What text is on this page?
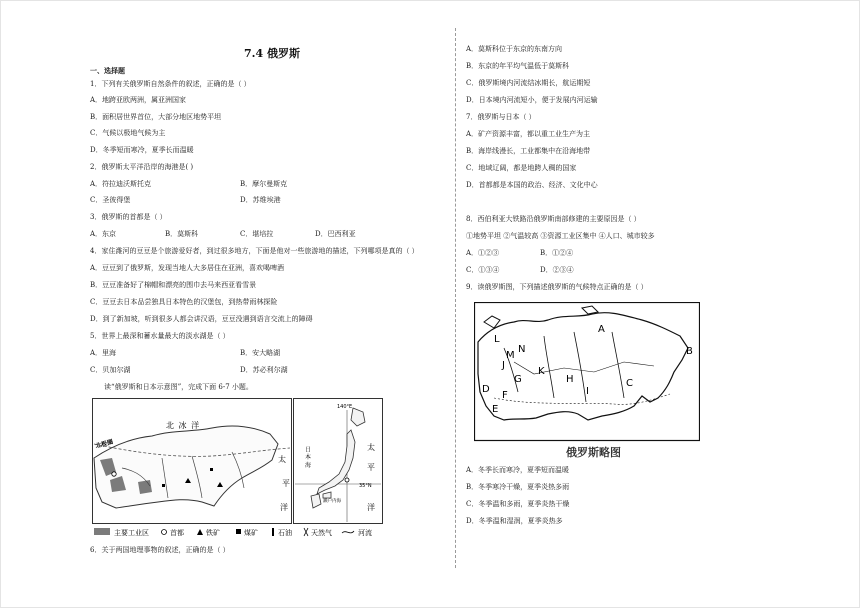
7.4 俄罗斯
一、选择题
1．下列有关俄罗斯自然条件的叙述，正确的是（ ）
A．地跨亚欧两洲，属亚洲国家
B．面积居世界首位，大部分地区地势平坦
C．气候以极地气候为主
D．冬季短而寒冷，夏季长而温暖
2．俄罗斯太平洋沿岸的海港是( )
A．符拉迪沃斯托克	B．摩尔曼斯克
C．圣彼得堡	D．苏维埃港
3．俄罗斯的首都是（ ）
A．东京	B．莫斯科	C．堪培拉	D．巴西利亚
4．家住潍河的豆豆是个旅游爱好者，到过很多地方，下面是他对一些旅游地的描述，下列哪项是真的（ ）
A．豆豆到了俄罗斯，发现当地人大多居住在亚洲，喜欢喝啤酒
B．豆豆准备好了棉帽和漂亮的围巾去马来西亚看雪景
C．豆豆去日本品尝独具日本特色的汉堡包，到热带雨林探险
D．到了新加坡，听到很多人都会讲汉语，豆豆没遇到语言交流上的障碍
5．世界上最深和蓄水量最大的淡水湖是（ ）
A．里海	B．安大略湖
C．贝加尔湖	D．苏必利尔湖
读“俄罗斯和日本示意图”，完成下面 6-7 小题。
北 冰 洋
北极圈
太
平
洋
140°E
35°N
日 本 海	太
平
洋
濑户内海
主要工业区	首都	铁矿	煤矿	石油	天然气	河流
6．关于两国地理事物的叙述，正确的是（ ）
A．莫斯科位于东京的东南方向
B．东京的年平均气温低于莫斯科
C．俄罗斯境内河流结冰期长，航运期短
D．日本境内河流短小，便于发展内河运输
7．俄罗斯与日本（ ）
A．矿产资源丰富，都以重工业生产为主
B．海岸线漫长，工业都集中在沿海地带
C．地域辽阔，都是地跨人稠的国家
D．首都都是本国的政治、经济、文化中心
8．西伯利亚大铁路沿俄罗斯南部修建的主要原因是（ ）
①地势平坦 ②气温较高 ③资源工业区集中 ④人口、城市较多
A．①②③	B．①②④
C．①③④	D．②③④
9．读俄罗斯图，下列描述俄罗斯的气候特点正确的是（ ）
A
B
C
D
E
F
G	H
I
J
K
L
M
N
俄罗斯略图
A．冬季长而寒冷，夏季短而温暖
B．冬季寒冷干燥，夏季炎热多雨
C．冬季温和多雨，夏季炎热干燥
D．冬季温和湿润，夏季炎热多
